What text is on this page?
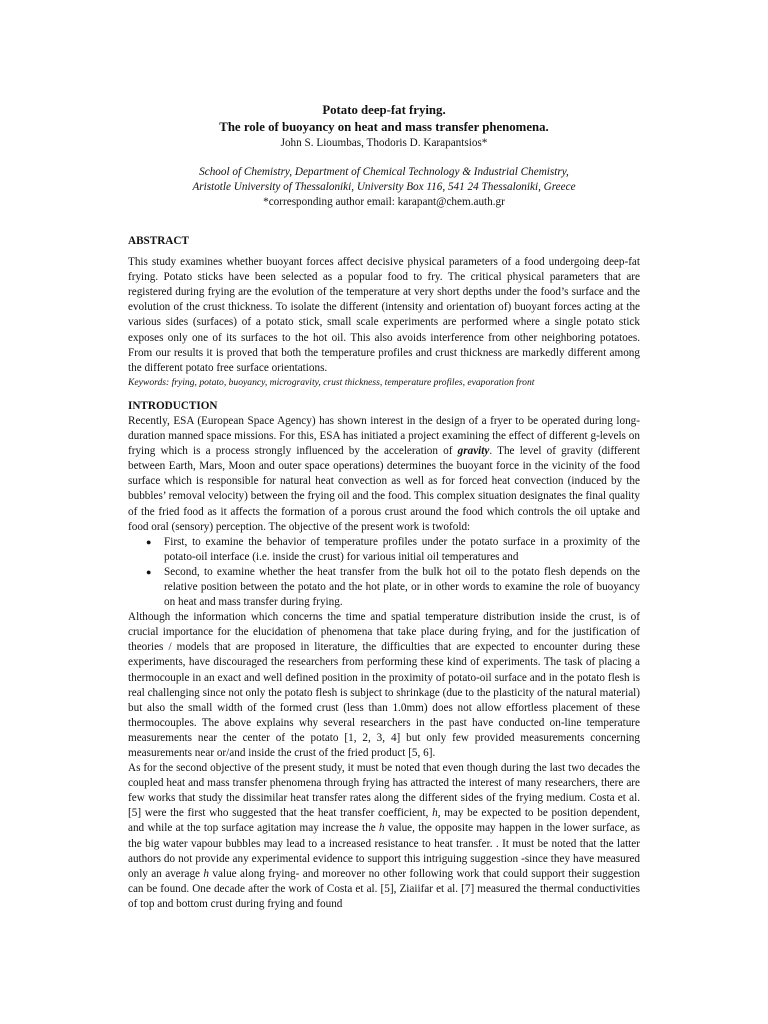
Potato deep-fat frying.
The role of buoyancy on heat and mass transfer phenomena.
John S. Lioumbas, Thodoris D. Karapantsios*
School of Chemistry, Department of Chemical Technology & Industrial Chemistry,
Aristotle University of Thessaloniki, University Box 116, 541 24 Thessaloniki, Greece
*corresponding author email: karapant@chem.auth.gr
ABSTRACT

This study examines whether buoyant forces affect decisive physical parameters of a food undergoing deep-fat frying. Potato sticks have been selected as a popular food to fry. The critical physical parameters that are registered during frying are the evolution of the temperature at very short depths under the food’s surface and the evolution of the crust thickness. To isolate the different (intensity and orientation of) buoyant forces acting at the various sides (surfaces) of a potato stick, small scale experiments are performed where a single potato stick exposes only one of its surfaces to the hot oil. This also avoids interference from other neighboring potatoes. From our results it is proved that both the temperature profiles and crust thickness are markedly different among the different potato free surface orientations.

Keywords: frying, potato, buoyancy, microgravity, crust thickness, temperature profiles, evaporation front

INTRODUCTION

Recently, ESA (European Space Agency) has shown interest in the design of a fryer to be operated during long-duration manned space missions. For this, ESA has initiated a project examining the effect of different g-levels on frying which is a process strongly influenced by the acceleration of gravity. The level of gravity (different between Earth, Mars, Moon and outer space operations) determines the buoyant force in the vicinity of the food surface which is responsible for natural heat convection as well as for forced heat convection (induced by the bubbles’ removal velocity) between the frying oil and the food. This complex situation designates the final quality of the fried food as it affects the formation of a porous crust around the food which controls the oil uptake and food oral (sensory) perception. The objective of the present work is twofold:

● First, to examine the behavior of temperature profiles under the potato surface in a proximity of the potato-oil interface (i.e. inside the crust) for various initial oil temperatures and
● Second, to examine whether the heat transfer from the bulk hot oil to the potato flesh depends on the relative position between the potato and the hot plate, or in other words to examine the role of buoyancy on heat and mass transfer during frying.

Although the information which concerns the time and spatial temperature distribution inside the crust, is of crucial importance for the elucidation of phenomena that take place during frying, and for the justification of theories / models that are proposed in literature, the difficulties that are expected to encounter during these experiments, have discouraged the researchers from performing these kind of experiments. The task of placing a thermocouple in an exact and well defined position in the proximity of potato-oil surface and in the potato flesh is real challenging since not only the potato flesh is subject to shrinkage (due to the plasticity of the natural material) but also the small width of the formed crust (less than 1.0mm) does not allow effortless placement of these thermocouples. The above explains why several researchers in the past have conducted on-line temperature measurements near the center of the potato [1, 2, 3, 4] but only few provided measurements concerning measurements near or/and inside the crust of the fried product [5, 6].

As for the second objective of the present study, it must be noted that even though during the last two decades the coupled heat and mass transfer phenomena through frying has attracted the interest of many researchers, there are few works that study the dissimilar heat transfer rates along the different sides of the frying medium. Costa et al. [5] were the first who suggested that the heat transfer coefficient, h, may be expected to be position dependent, and while at the top surface agitation may increase the h value, the opposite may happen in the lower surface, as the big water vapour bubbles may lead to a increased resistance to heat transfer. . It must be noted that the latter authors do not provide any experimental evidence to support this intriguing suggestion -since they have measured only an average h value along frying- and moreover no other following work that could support their suggestion can be found. One decade after the work of Costa et al. [5], Ziaiifar et al. [7] measured the thermal conductivities of top and bottom crust during frying and found
